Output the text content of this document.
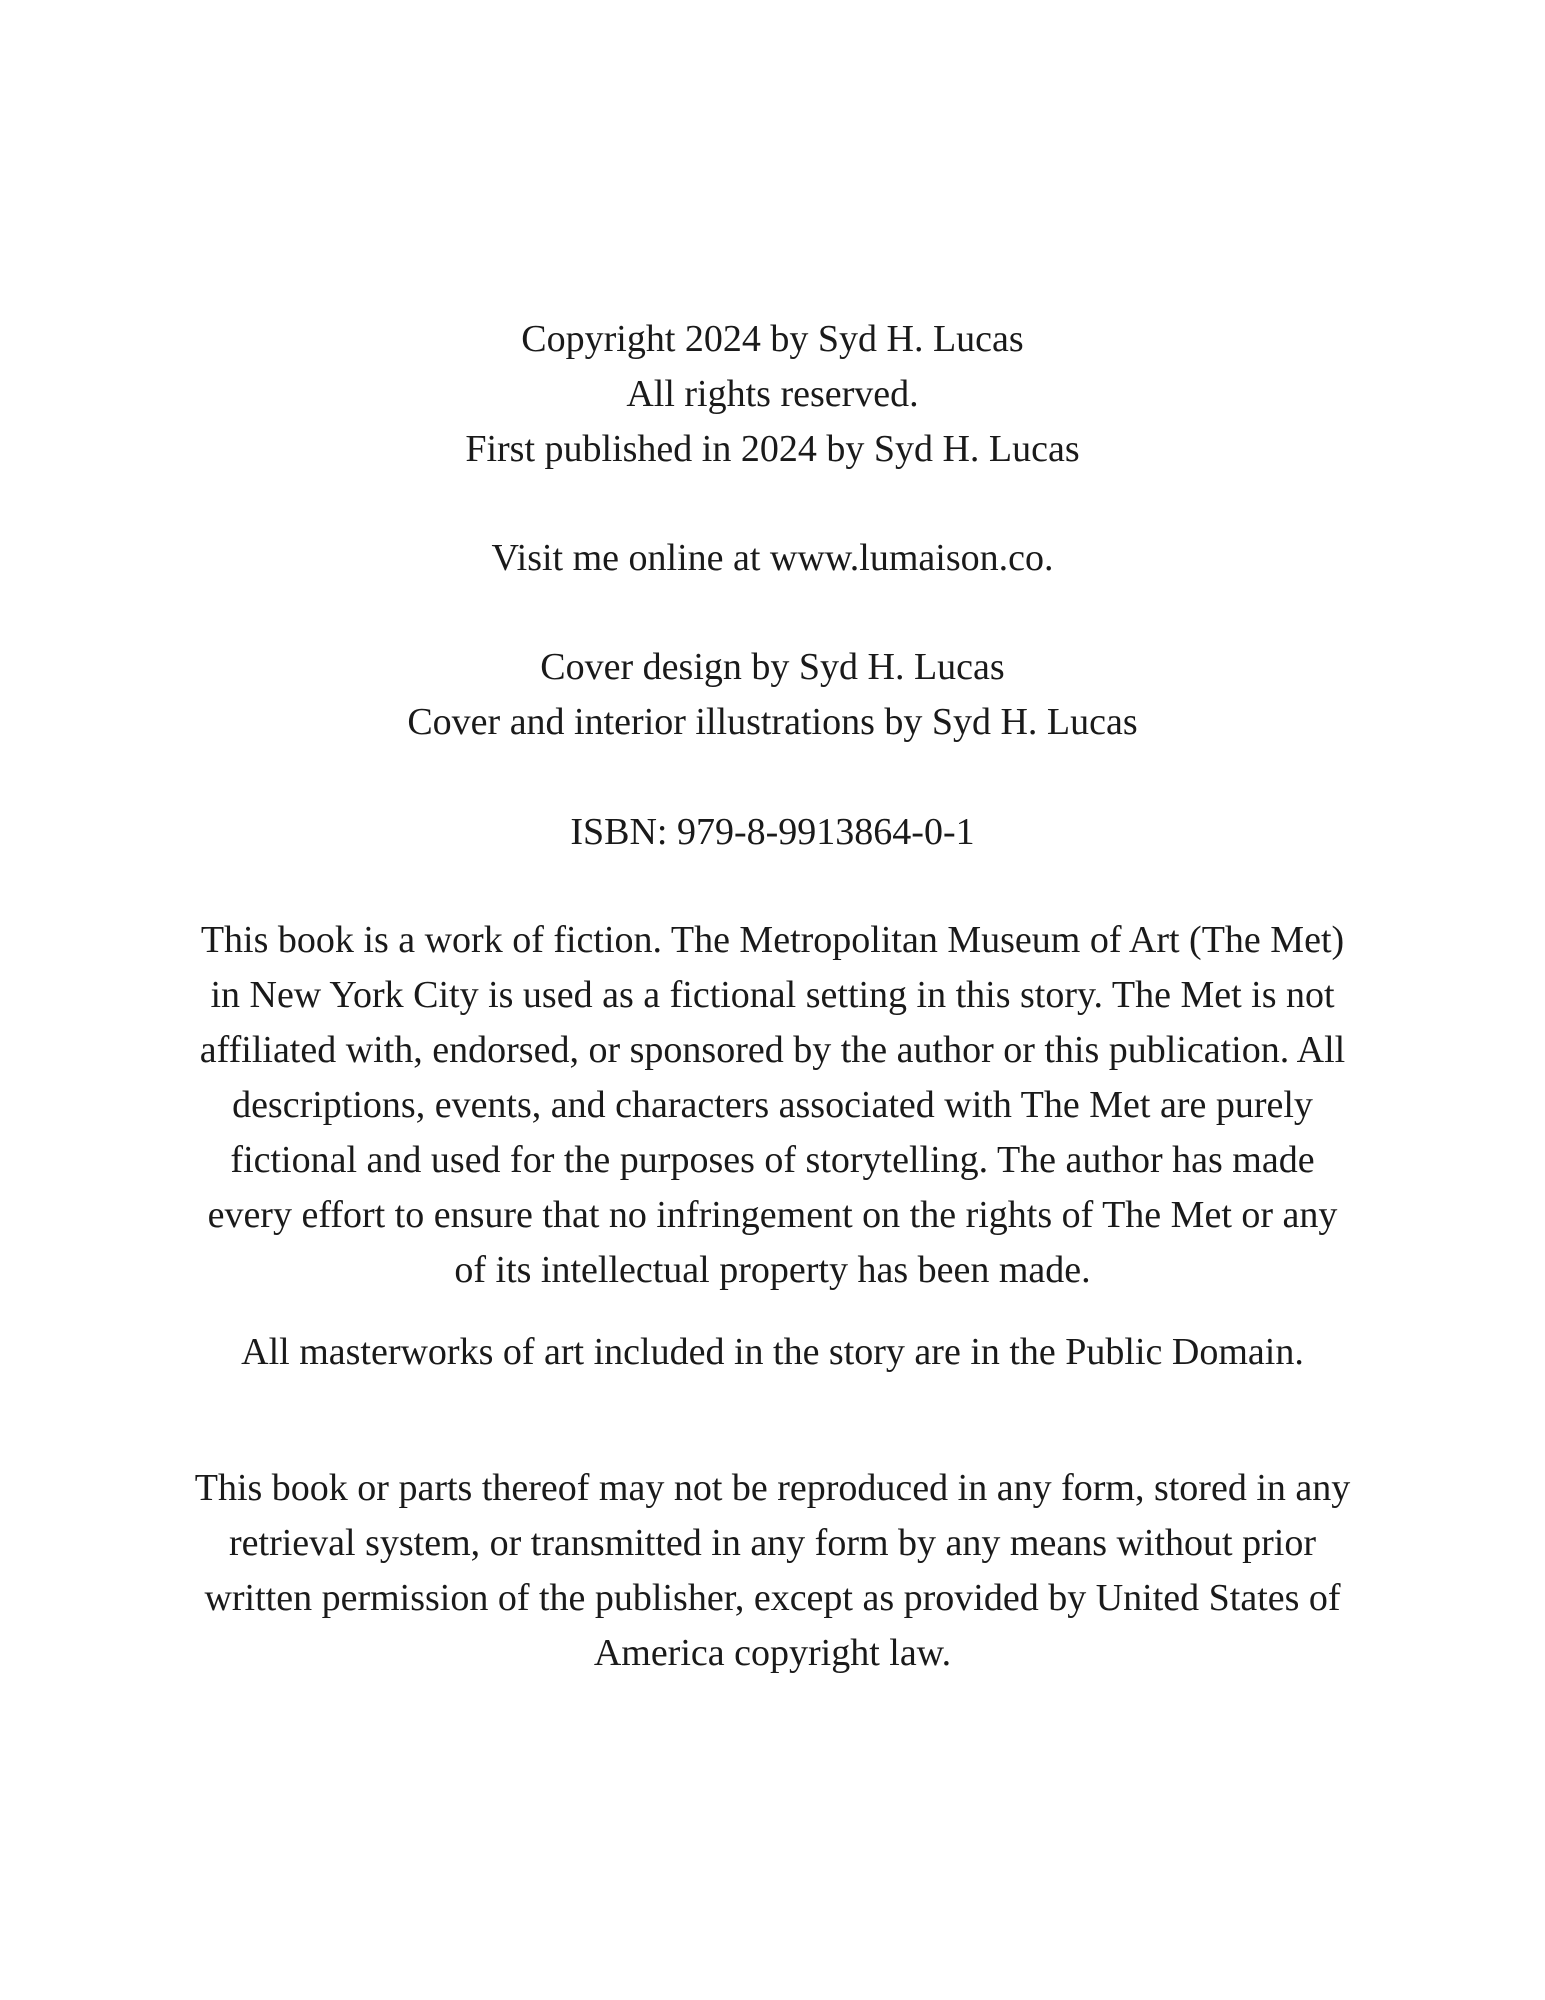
Copyright 2024 by Syd H. Lucas
All rights reserved.
First published in 2024 by Syd H. Lucas
Visit me online at www.lumaison.co.
Cover design by Syd H. Lucas
Cover and interior illustrations by Syd H. Lucas
ISBN: 979-8-9913864-0-1
This book is a work of fiction. The Metropolitan Museum of Art (The Met)
in New York City is used as a fictional setting in this story. The Met is not
affiliated with, endorsed, or sponsored by the author or this publication. All
descriptions, events, and characters associated with The Met are purely
fictional and used for the purposes of storytelling. The author has made
every effort to ensure that no infringement on the rights of The Met or any
of its intellectual property has been made.
All masterworks of art included in the story are in the Public Domain.
This book or parts thereof may not be reproduced in any form, stored in any
retrieval system, or transmitted in any form by any means without prior
written permission of the publisher, except as provided by United States of
America copyright law.
